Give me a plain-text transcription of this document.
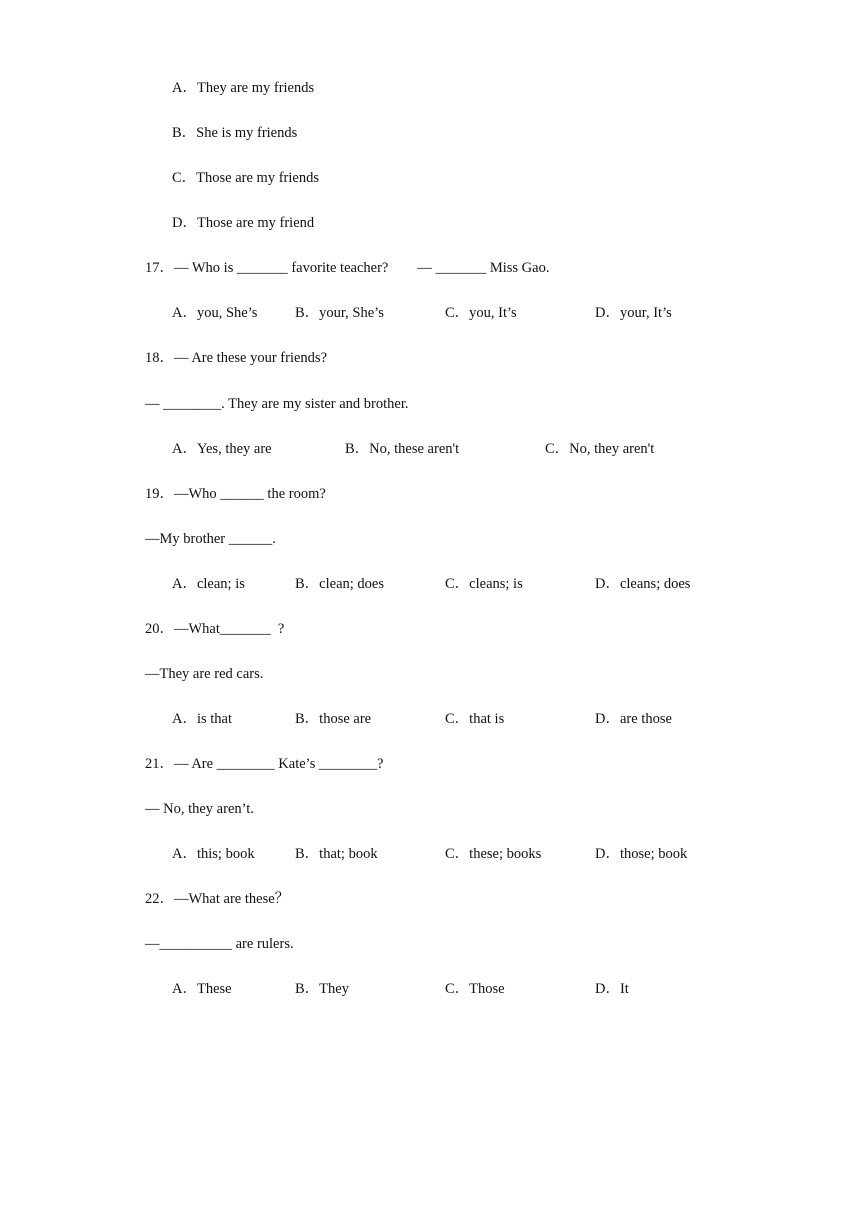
A．They are my friends
B．She is my friends
C．Those are my friends
D．Those are my friend
17．— Who is _______ favorite teacher?        — _______ Miss Gao.
A．you, She’s	B．your, She’s	C．you, It’s	D．your, It’s
18．— Are these your friends?
— ________. They are my sister and brother.
A．Yes, they are	B．No, these aren't	C．No, they aren't
19．—Who ______ the room?
—My brother ______.
A．clean; is	B．clean; does	C．cleans; is	D．cleans; does
20．—What_______  ?
—They are red cars.
A．is that	B．those are	C．that is	D．are those
21．— Are ________ Kate’s ________?
— No, they aren’t.
A．this; book	B．that; book	C．these; books	D．those; book
22．—What are these？
—__________ are rulers.
A．These	B．They	C．Those	D．It
